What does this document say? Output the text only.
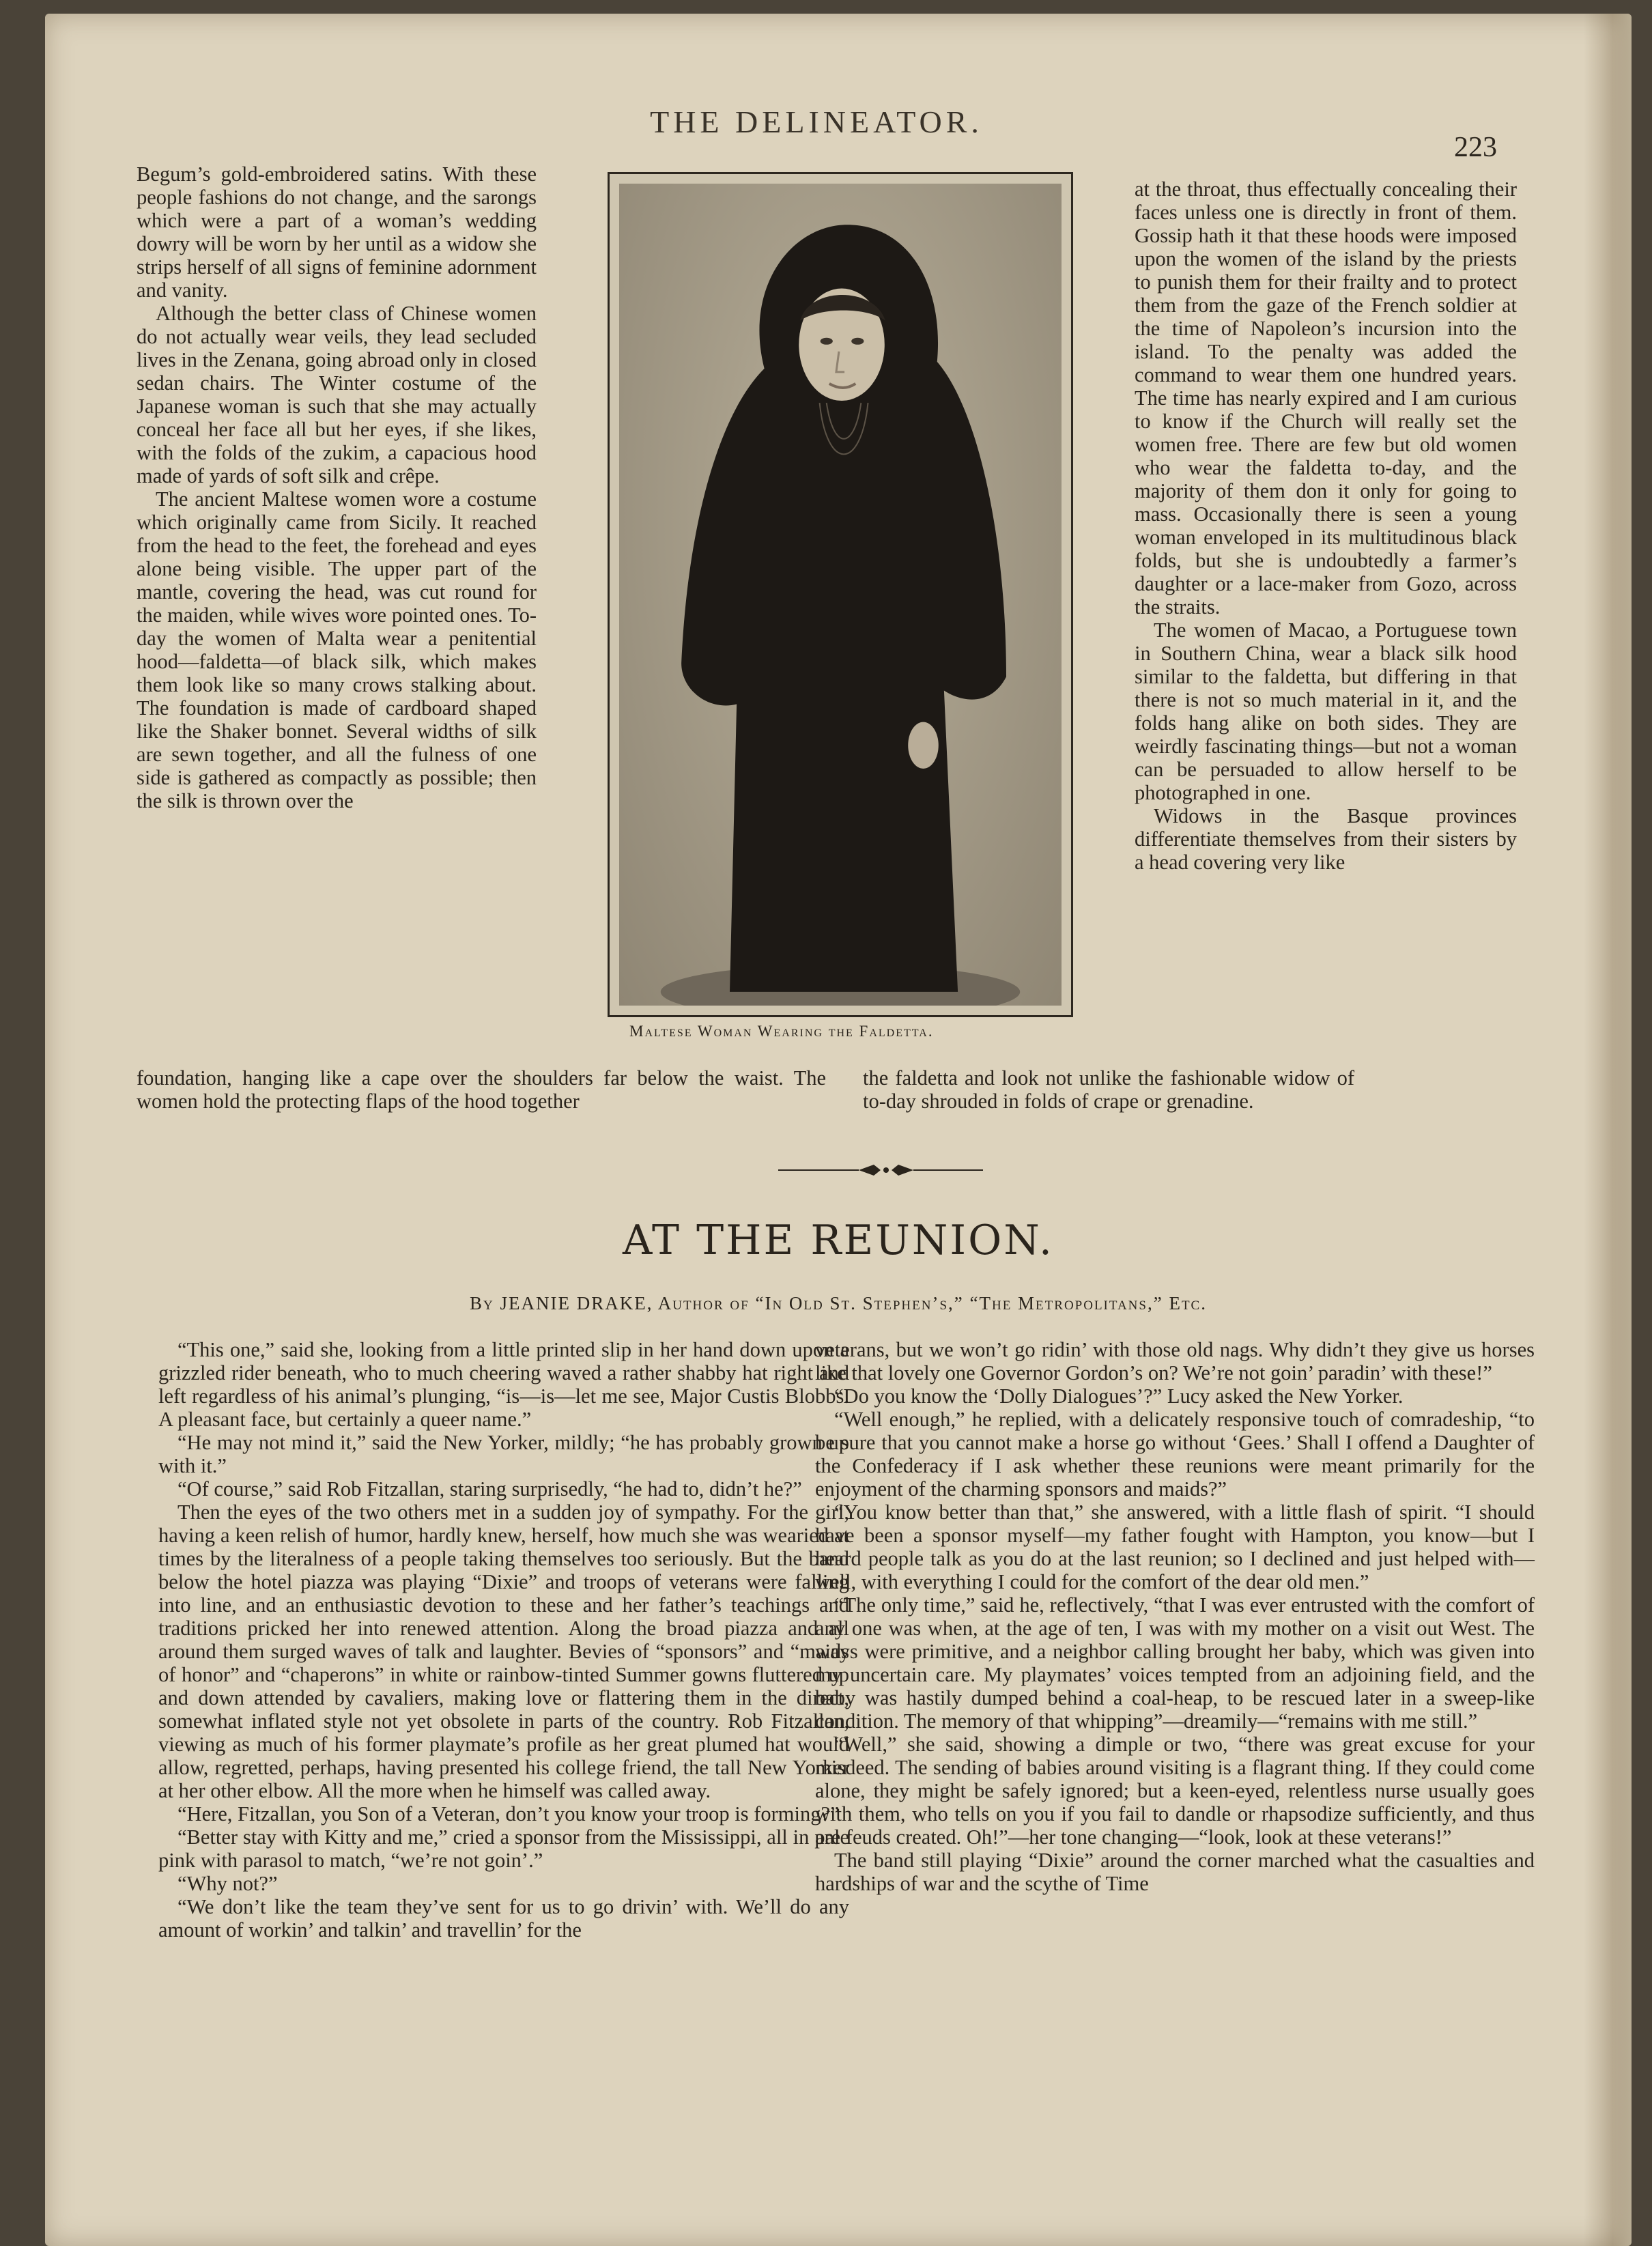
THE DELINEATOR.
223

Begum’s gold-embroidered satins. With these people fashions do not change, and the sarongs which were a part of a woman’s wedding dowry will be worn by her until as a widow she strips herself of all signs of feminine adornment and vanity.

Although the better class of Chinese women do not actually wear veils, they lead secluded lives in the Zenana, going abroad only in closed sedan chairs. The Winter costume of the Japanese woman is such that she may actually conceal her face all but her eyes, if she likes, with the folds of the zukim, a capacious hood made of yards of soft silk and crêpe.

The ancient Maltese women wore a costume which originally came from Sicily. It reached from the head to the feet, the forehead and eyes alone being visible. The upper part of the mantle, covering the head, was cut round for the maiden, while wives wore pointed ones. To-day the women of Malta wear a penitential hood—faldetta—of black silk, which makes them look like so many crows stalking about. The foundation is made of cardboard shaped like the Shaker bonnet. Several widths of silk are sewn together, and all the fulness of one side is gathered as compactly as possible; then the silk is thrown over the

Maltese Woman Wearing the Faldetta.

at the throat, thus effectually concealing their faces unless one is directly in front of them. Gossip hath it that these hoods were imposed upon the women of the island by the priests to punish them for their frailty and to protect them from the gaze of the French soldier at the time of Napoleon’s incursion into the island. To the penalty was added the command to wear them one hundred years. The time has nearly expired and I am curious to know if the Church will really set the women free. There are few but old women who wear the faldetta to-day, and the majority of them don it only for going to mass. Occasionally there is seen a young woman enveloped in its multitudinous black folds, but she is undoubtedly a farmer’s daughter or a lace-maker from Gozo, across the straits.

The women of Macao, a Portuguese town in Southern China, wear a black silk hood similar to the faldetta, but differing in that there is not so much material in it, and the folds hang alike on both sides. They are weirdly fascinating things—but not a woman can be persuaded to allow herself to be photographed in one.

Widows in the Basque provinces differentiate themselves from their sisters by a head covering very like

foundation, hanging like a cape over the shoulders far below the waist. The women hold the protecting flaps of the hood together
the faldetta and look not unlike the fashionable widow of to-day shrouded in folds of crape or grenadine.
AT THE REUNION.
By JEANIE DRAKE, Author of “In Old St. Stephen’s,” “The Metropolitans,” Etc.

“This one,” said she, looking from a little printed slip in her hand down upon a grizzled rider beneath, who to much cheering waved a rather shabby hat right and left regardless of his animal’s plunging, “is—is—let me see, Major Custis Blobbs. A pleasant face, but certainly a queer name.”

“He may not mind it,” said the New Yorker, mildly; “he has probably grown up with it.”

“Of course,” said Rob Fitzallan, staring surprisedly, “he had to, didn’t he?”

Then the eyes of the two others met in a sudden joy of sympathy. For the girl, having a keen relish of humor, hardly knew, herself, how much she was wearied at times by the literalness of a people taking themselves too seriously. But the band below the hotel piazza was playing “Dixie” and troops of veterans were falling into line, and an enthusiastic devotion to these and her father’s teachings and traditions pricked her into renewed attention. Along the broad piazza and all around them surged waves of talk and laughter. Bevies of “sponsors” and “maids of honor” and “chaperons” in white or rainbow-tinted Summer gowns fluttered up and down attended by cavaliers, making love or flattering them in the direct, somewhat inflated style not yet obsolete in parts of the country. Rob Fitzallan, viewing as much of his former playmate’s profile as her great plumed hat would allow, regretted, perhaps, having presented his college friend, the tall New Yorker at her other elbow. All the more when he himself was called away.

“Here, Fitzallan, you Son of a Veteran, don’t you know your troop is forming?”

“Better stay with Kitty and me,” cried a sponsor from the Mississippi, all in pale pink with parasol to match, “we’re not goin’.”

“Why not?”

“We don’t like the team they’ve sent for us to go drivin’ with. We’ll do any amount of workin’ and talkin’ and travellin’ for the

veterans, but we won’t go ridin’ with those old nags. Why didn’t they give us horses like that lovely one Governor Gordon’s on? We’re not goin’ paradin’ with these!”

“Do you know the ‘Dolly Dialogues’?” Lucy asked the New Yorker.

“Well enough,” he replied, with a delicately responsive touch of comradeship, “to be sure that you cannot make a horse go without ‘Gees.’ Shall I offend a Daughter of the Confederacy if I ask whether these reunions were meant primarily for the enjoyment of the charming sponsors and maids?”

“You know better than that,” she answered, with a little flash of spirit. “I should have been a sponsor myself—my father fought with Hampton, you know—but I heard people talk as you do at the last reunion; so I declined and just helped with—well, with everything I could for the comfort of the dear old men.”

“The only time,” said he, reflectively, “that I was ever entrusted with the comfort of any one was when, at the age of ten, I was with my mother on a visit out West. The ways were primitive, and a neighbor calling brought her baby, which was given into my uncertain care. My playmates’ voices tempted from an adjoining field, and the baby was hastily dumped behind a coal-heap, to be rescued later in a sweep-like condition. The memory of that whipping”—dreamily—“remains with me still.”

“Well,” she said, showing a dimple or two, “there was great excuse for your misdeed. The sending of babies around visiting is a flagrant thing. If they could come alone, they might be safely ignored; but a keen-eyed, relentless nurse usually goes with them, who tells on you if you fail to dandle or rhapsodize sufficiently, and thus are feuds created. Oh!”—her tone changing—“look, look at these veterans!”

The band still playing “Dixie” around the corner marched what the casualties and hardships of war and the scythe of Time
